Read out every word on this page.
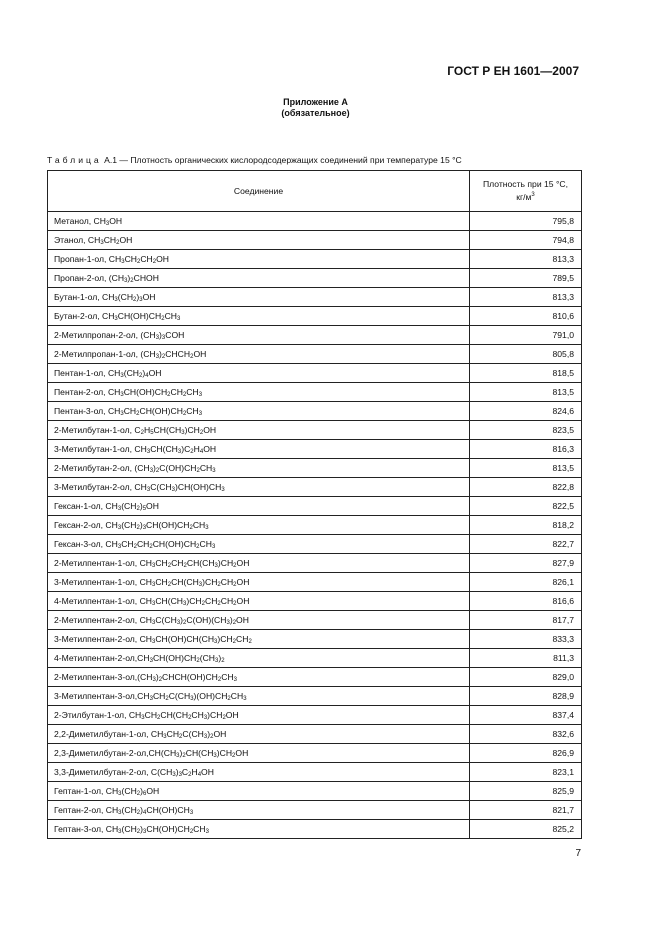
ГОСТ Р ЕН 1601—2007
Приложение А
(обязательное)
Таблица А.1 — Плотность органических кислородсодержащих соединений при температуре 15 °С
Соединение	Плотность при 15 °С,
$кг/м^3$

Метанол, $CH_3OH$	795,8
Этанол, $CH_3CH_2OH$	794,8
Пропан-1-ол, $CH_3CH_2CH_2OH$	813,3
Пропан-2-ол, $(CH_3)_2CHOH$	789,5
Бутан-1-ол, $CH_3(CH_2)_3OH$	813,3
Бутан-2-ол, $CH_3CH(OH)CH_2CH_3$	810,6
2-Метилпропан-2-ол, $(CH_3)_3COH$	791,0
2-Метилпропан-1-ол, $(CH_3)_2CHCH_2OH$	805,8
Пентан-1-ол, $CH_3(CH_2)_4OH$	818,5
Пентан-2-ол, $CH_3CH(OH)CH_2CH_2CH_3$	813,5
Пентан-3-ол, $CH_3CH_2CH(OH)CH_2CH_3$	824,6
2-Метилбутан-1-ол, $C_2H_5CH(CH_3)CH_2OH$	823,5
3-Метилбутан-1-ол, $CH_3CH(CH_3)C_2H_4OH$	816,3
2-Метилбутан-2-ол, $(CH_3)_2C(OH)CH_2CH_3$	813,5
3-Метилбутан-2-ол, $CH_3C(CH_3)CH(OH)CH_3$	822,8
Гексан-1-ол, $CH_3(CH_2)_5OH$	822,5
Гексан-2-ол, $CH_3(CH_2)_3CH(OH)CH_2CH_3$	818,2
Гексан-3-ол, $CH_3CH_2CH_2CH(OH)CH_2CH_3$	822,7
2-Метилпентан-1-ол, $CH_3CH_2CH_2CH(CH_3)CH_2OH$	827,9
3-Метилпентан-1-ол, $CH_3CH_2CH(CH_3)CH_2CH_2OH$	826,1
4-Метилпентан-1-ол, $CH_3CH(CH_3)CH_2CH_2CH_2OH$	816,6
2-Метилпентан-2-ол, $CH_3C(CH_3)_2C(OH)(CH_3)_2OH$	817,7
3-Метилпентан-2-ол, $CH_3CH(OH)CH(CH_3)CH_2CH_2$	833,3
$4-Метилпентан-2-ол,CH_3CH(OH)CH_2(CH_3)_2$	811,3
$2-Метилпентан-3-ол,(CH_3)_2CHCH(OH)CH_2CH_3$	829,0
$3-Метилпентан-3-ол,CH_3CH_2C(CH_3)(OH)CH_2CH_3$	828,9
2-Этилбутан-1-ол, $CH_3CH_2CH(CH_2CH_3)CH_2OH$	837,4
2,2-Диметилбутан-1-ол, $CH_3CH_2C(CH_3)_2OH$	832,6
$2,3-Диметилбутан-2-ол,CH(CH_3)_2CH(CH_3)CH_2OH$	826,9
3,3-Диметилбутан-2-ол, $C(CH_3)_3C_2H_4OH$	823,1
Гептан-1-ол, $CH_3(CH_2)_6OH$	825,9
Гептан-2-ол, $CH_3(CH_2)_4CH(OH)CH_3$	821,7
Гептан-3-ол, $CH_3(CH_2)_3CH(OH)CH_2CH_3$	825,2
7
